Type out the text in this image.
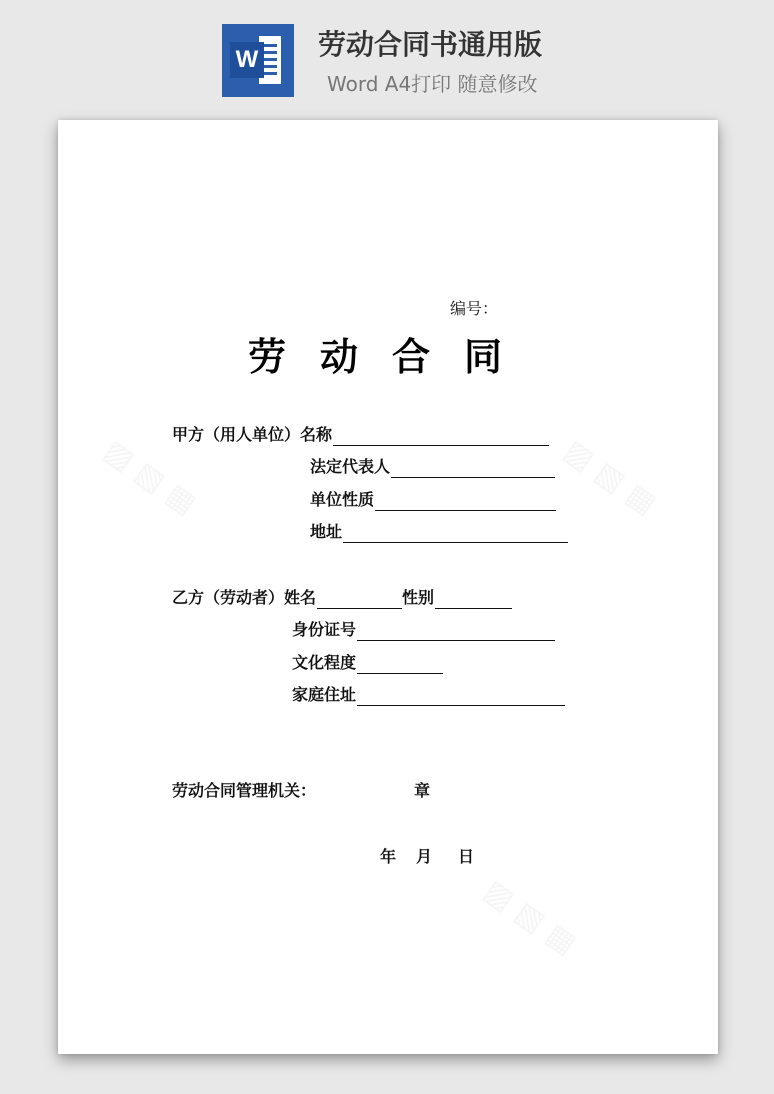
W 劳动合同书通用版
Word A4打印 随意修改
▨ ▧ ▦	▨ ▧ ▦
▨ ▧ ▦
编号：
劳动合同
甲方（用人单位）名称
法定代表人
单位性质
地址
乙方（劳动者）姓名	性别
身份证号
文化程度
家庭住址
劳动合同管理机关：	章
年 月 日
